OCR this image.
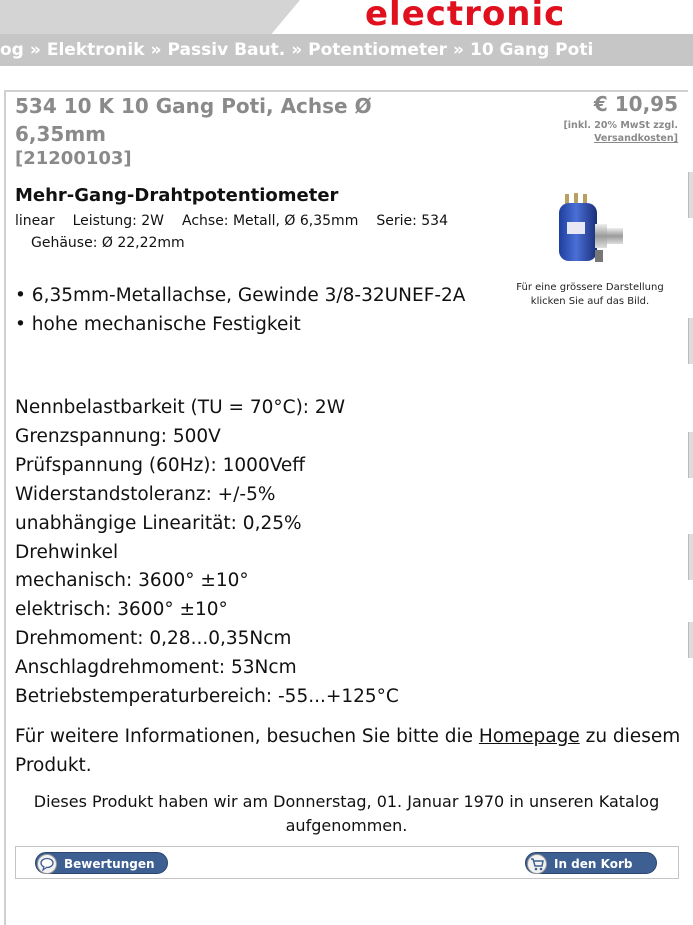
electronic
og » Elektronik » Passiv Baut. » Potentiometer » 10 Gang Poti
534 10 K 10 Gang Poti, Achse Ø 6,35mm
[21200103]
€ 10,95
[inkl. 20% MwSt zzgl.
Versandkosten]
Mehr-Gang-Drahtpotentiometer
linear Leistung: 2W Achse: Metall, Ø 6,35mm Serie: 534
Gehäuse: Ø 22,22mm
Für eine grössere Darstellung klicken Sie auf das Bild.
• 6,35mm-Metallachse, Gewinde 3/8-32UNEF-2A
• hohe mechanische Festigkeit
Nennbelastbarkeit (TU = 70°C): 2W
Grenzspannung: 500V
Prüfspannung (60Hz): 1000Veff
Widerstandstoleranz: +/-5%
unabhängige Linearität: 0,25%
Drehwinkel
mechanisch: 3600° ±10°
elektrisch: 3600° ±10°
Drehmoment: 0,28...0,35Ncm
Anschlagdrehmoment: 53Ncm
Betriebstemperaturbereich: -55...+125°C
Für weitere Informationen, besuchen Sie bitte die Homepage zu diesem Produkt.
Dieses Produkt haben wir am Donnerstag, 01. Januar 1970 in unseren Katalog aufgenommen.
Bewertungen	In den Korb
